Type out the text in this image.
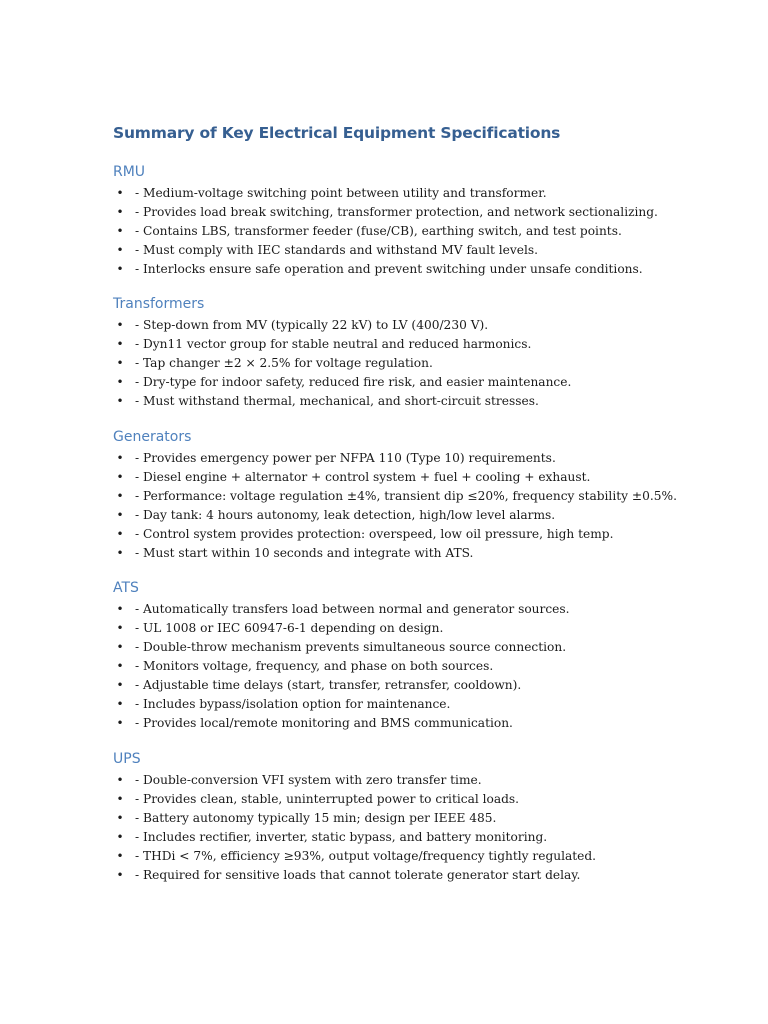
Summary of Key Electrical Equipment Specifications
RMU
• - Medium-voltage switching point between utility and transformer.
• - Provides load break switching, transformer protection, and network sectionalizing.
• - Contains LBS, transformer feeder (fuse/CB), earthing switch, and test points.
• - Must comply with IEC standards and withstand MV fault levels.
• - Interlocks ensure safe operation and prevent switching under unsafe conditions.
Transformers
• - Step-down from MV (typically 22 kV) to LV (400/230 V).
• - Dyn11 vector group for stable neutral and reduced harmonics.
• - Tap changer ±2 × 2.5% for voltage regulation.
• - Dry-type for indoor safety, reduced fire risk, and easier maintenance.
• - Must withstand thermal, mechanical, and short-circuit stresses.
Generators
• - Provides emergency power per NFPA 110 (Type 10) requirements.
• - Diesel engine + alternator + control system + fuel + cooling + exhaust.
• - Performance: voltage regulation ±4%, transient dip ≤20%, frequency stability ±0.5%.
• - Day tank: 4 hours autonomy, leak detection, high/low level alarms.
• - Control system provides protection: overspeed, low oil pressure, high temp.
• - Must start within 10 seconds and integrate with ATS.
ATS
• - Automatically transfers load between normal and generator sources.
• - UL 1008 or IEC 60947-6-1 depending on design.
• - Double-throw mechanism prevents simultaneous source connection.
• - Monitors voltage, frequency, and phase on both sources.
• - Adjustable time delays (start, transfer, retransfer, cooldown).
• - Includes bypass/isolation option for maintenance.
• - Provides local/remote monitoring and BMS communication.
UPS
• - Double-conversion VFI system with zero transfer time.
• - Provides clean, stable, uninterrupted power to critical loads.
• - Battery autonomy typically 15 min; design per IEEE 485.
• - Includes rectifier, inverter, static bypass, and battery monitoring.
• - THDi < 7%, efficiency ≥93%, output voltage/frequency tightly regulated.
• - Required for sensitive loads that cannot tolerate generator start delay.
